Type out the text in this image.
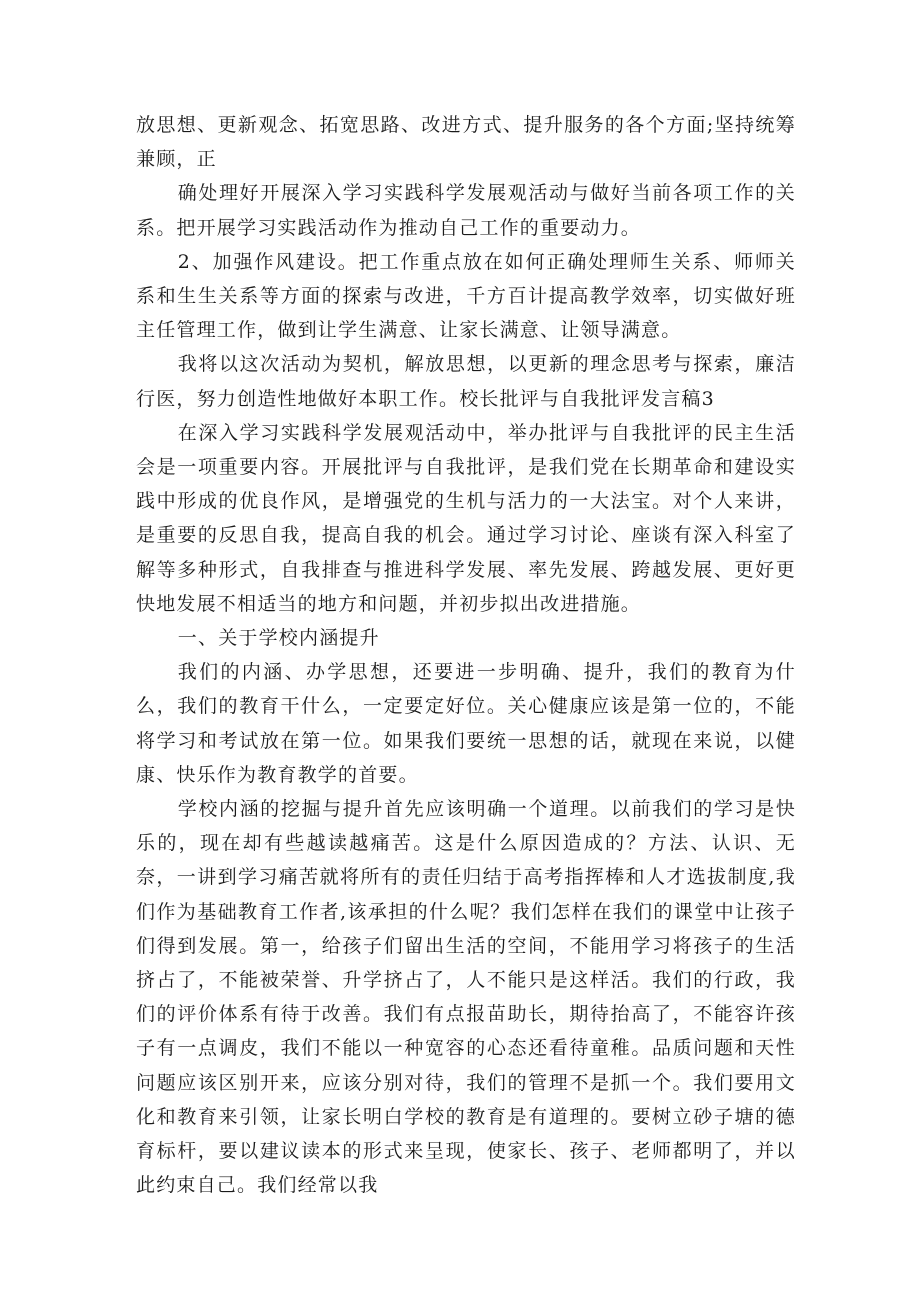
放思想、更新观念、拓宽思路、改进方式、提升服务的各个方面;坚持统筹兼顾，正

确处理好开展深入学习实践科学发展观活动与做好当前各项工作的关系。把开展学习实践活动作为推动自己工作的重要动力。

2、加强作风建设。把工作重点放在如何正确处理师生关系、师师关系和生生关系等方面的探索与改进，千方百计提高教学效率，切实做好班主任管理工作，做到让学生满意、让家长满意、让领导满意。

我将以这次活动为契机，解放思想，以更新的理念思考与探索，廉洁行医，努力创造性地做好本职工作。校长批评与自我批评发言稿3

在深入学习实践科学发展观活动中，举办批评与自我批评的民主生活会是一项重要内容。开展批评与自我批评，是我们党在长期革命和建设实践中形成的优良作风，是增强党的生机与活力的一大法宝。对个人来讲，是重要的反思自我，提高自我的机会。通过学习讨论、座谈有深入科室了解等多种形式，自我排查与推进科学发展、率先发展、跨越发展、更好更快地发展不相适当的地方和问题，并初步拟出改进措施。

一、关于学校内涵提升

我们的内涵、办学思想，还要进一步明确、提升，我们的教育为什么，我们的教育干什么，一定要定好位。关心健康应该是第一位的，不能将学习和考试放在第一位。如果我们要统一思想的话，就现在来说，以健康、快乐作为教育教学的首要。

学校内涵的挖掘与提升首先应该明确一个道理。以前我们的学习是快乐的，现在却有些越读越痛苦。这是什么原因造成的？方法、认识、无奈，一讲到学习痛苦就将所有的责任归结于高考指挥棒和人才选拔制度,我们作为基础教育工作者,该承担的什么呢？我们怎样在我们的课堂中让孩子们得到发展。第一，给孩子们留出生活的空间，不能用学习将孩子的生活挤占了，不能被荣誉、升学挤占了，人不能只是这样活。我们的行政，我们的评价体系有待于改善。我们有点报苗助长，期待抬高了，不能容许孩子有一点调皮，我们不能以一种宽容的心态还看待童稚。品质问题和天性问题应该区别开来，应该分别对待，我们的管理不是抓一个。我们要用文化和教育来引领，让家长明白学校的教育是有道理的。要树立砂子塘的德育标杆，要以建议读本的形式来呈现，使家长、孩子、老师都明了，并以此约束自己。我们经常以我
